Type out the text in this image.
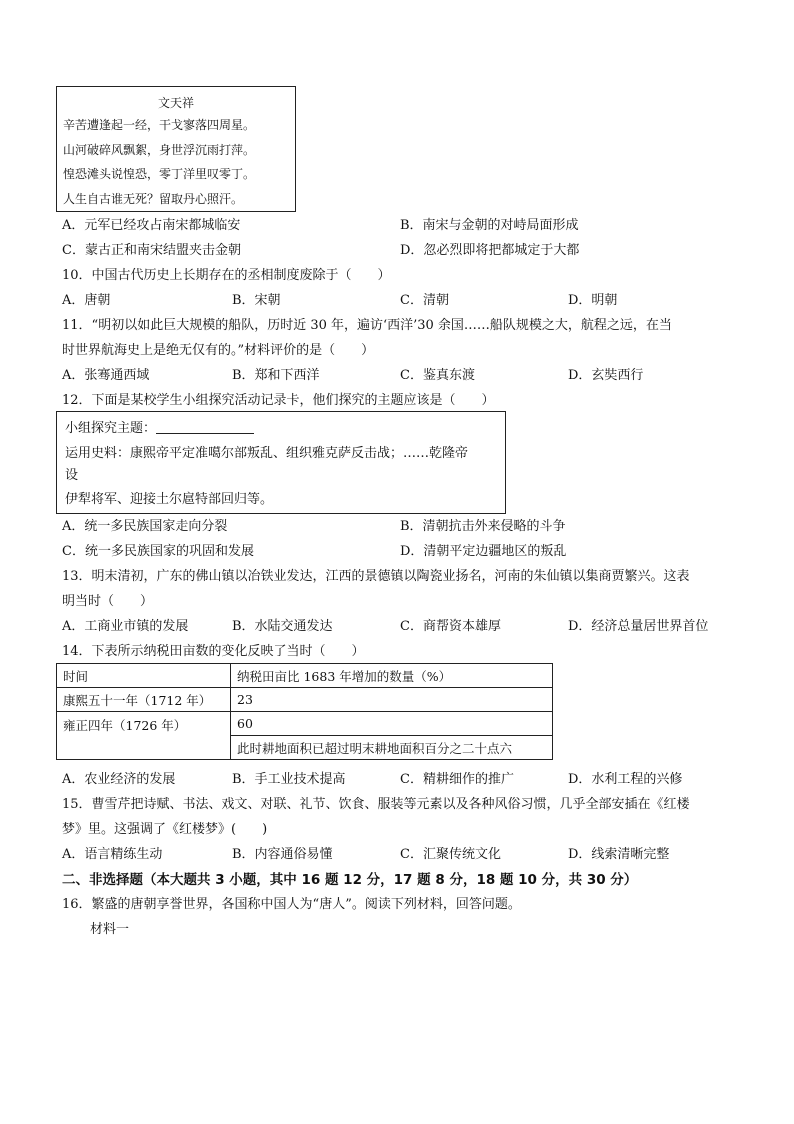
文天祥
辛苦遭逢起一经，干戈寥落四周星。
山河破碎风飘絮，身世浮沉雨打萍。
惶恐滩头说惶恐，零丁洋里叹零丁。
人生自古谁无死？留取丹心照汗。
A．元军已经攻占南宋都城临安	B．南宋与金朝的对峙局面形成
C．蒙古正和南宋结盟夹击金朝	D．忽必烈即将把都城定于大都
10．中国古代历史上长期存在的丞相制度废除于（　　）
A．唐朝	B．宋朝	C．清朝	D．明朝
11．“明初以如此巨大规模的船队，历时近 30 年，遍访‘西洋’30 余国……船队规模之大，航程之远，在当
时世界航海史上是绝无仅有的。”材料评价的是（　　）
A．张骞通西域	B．郑和下西洋	C．鉴真东渡	D．玄奘西行
12．下面是某校学生小组探究活动记录卡，他们探究的主题应该是（　　）
小组探究主题：
运用史料：康熙帝平定准噶尔部叛乱、组织雅克萨反击战；……乾隆帝
设
伊犁将军、迎接土尔扈特部回归等。
A．统一多民族国家走向分裂	B．清朝抗击外来侵略的斗争
C．统一多民族国家的巩固和发展	D．清朝平定边疆地区的叛乱
13．明末清初，广东的佛山镇以冶铁业发达，江西的景德镇以陶瓷业扬名，河南的朱仙镇以集商贾繁兴。这表
明当时（　　）
A．工商业市镇的发展	B．水陆交通发达	C．商帮资本雄厚	D．经济总量居世界首位
14．下表所示纳税田亩数的变化反映了当时（　　）
时间	纳税田亩比 1683 年增加的数量（%）
康熙五十一年（1712 年）	23
雍正四年（1726 年）	60
	此时耕地面积已超过明末耕地面积百分之二十点六
A．农业经济的发展	B．手工业技术提高	C．精耕细作的推广	D．水利工程的兴修
15．曹雪芹把诗赋、书法、戏文、对联、礼节、饮食、服装等元素以及各种风俗习惯，几乎全部安插在《红楼
梦》里。这强调了《红楼梦》(　　)
A．语言精练生动	B．内容通俗易懂	C．汇聚传统文化	D．线索清晰完整
二、非选择题（本大题共 3 小题，其中 16 题 12 分，17 题 8 分，18 题 10 分，共 30 分）
16．繁盛的唐朝享誉世界，各国称中国人为“唐人”。阅读下列材料，回答问题。
材料一
